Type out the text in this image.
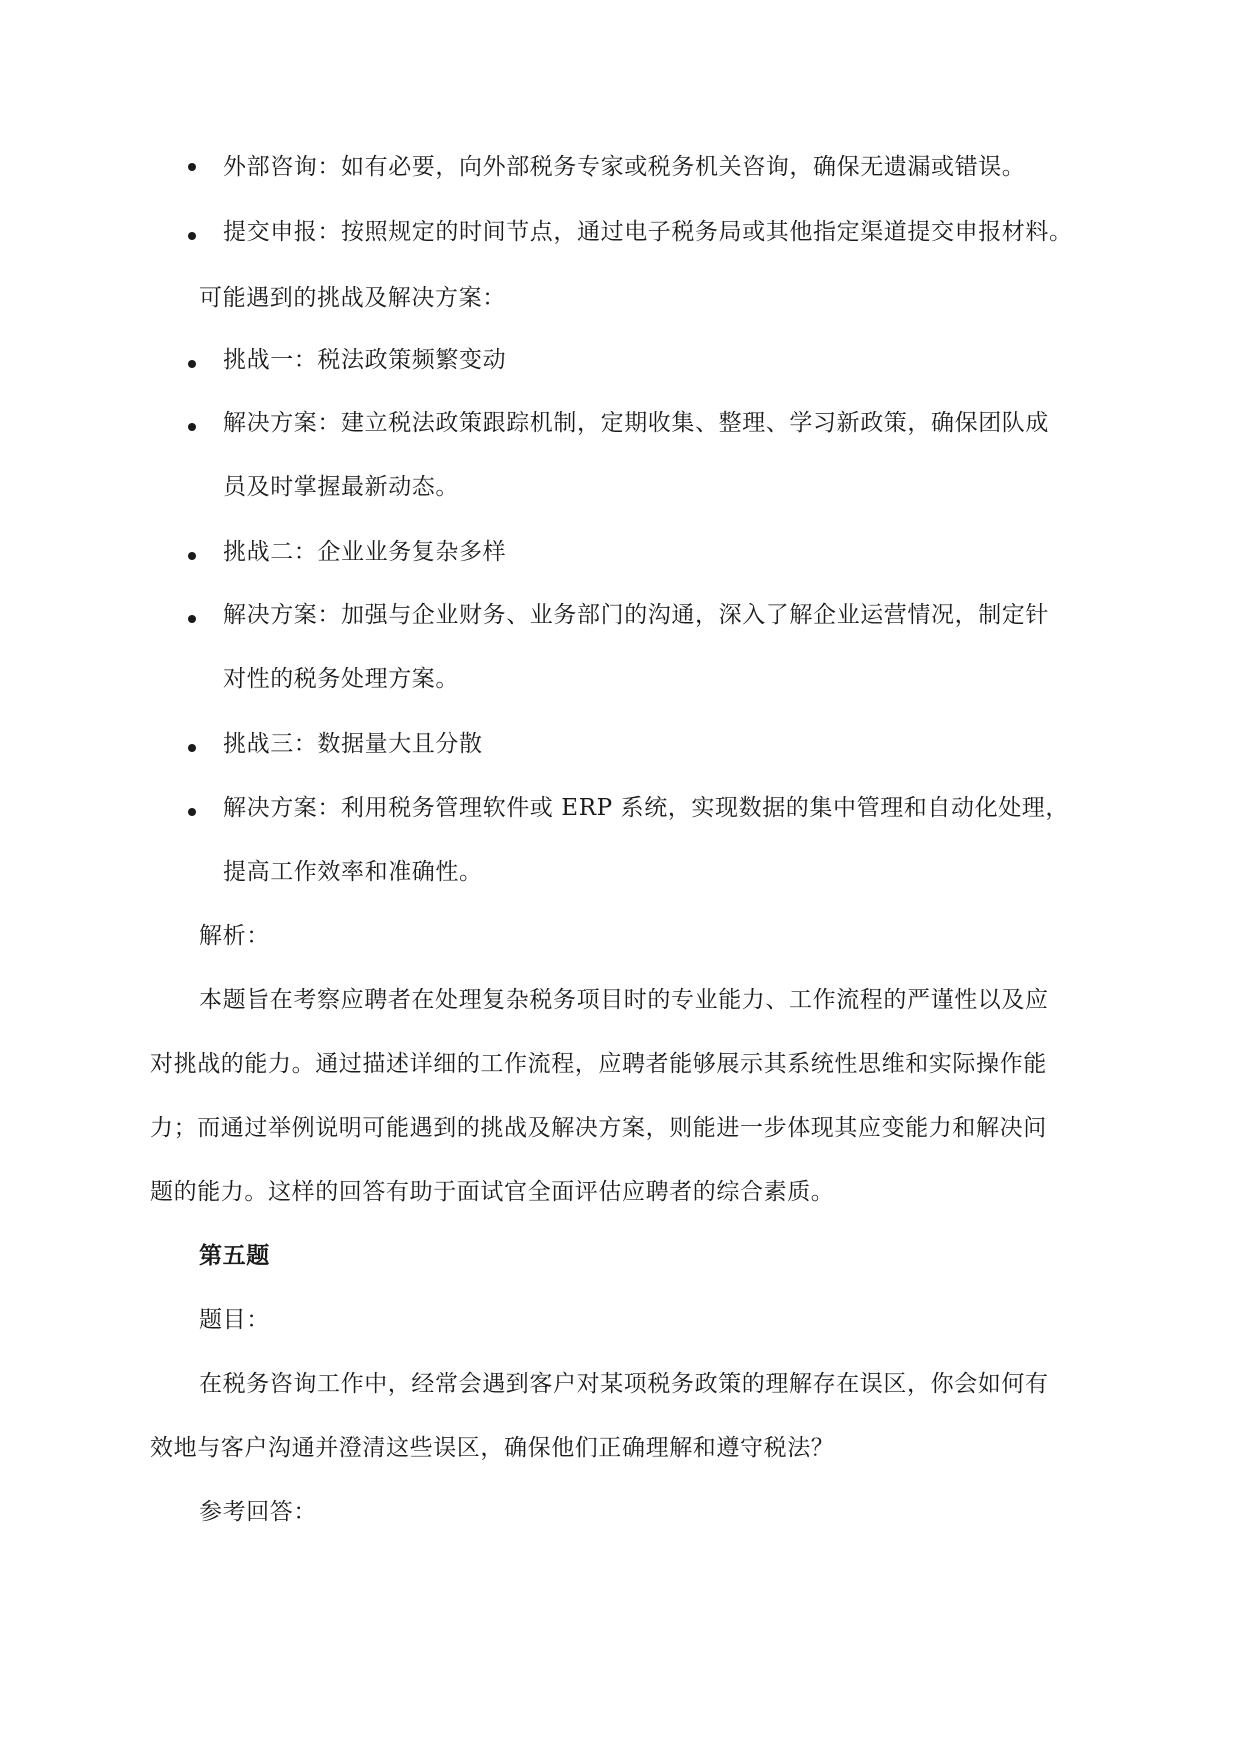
外部咨询：如有必要，向外部税务专家或税务机关咨询，确保无遗漏或错误。
提交申报：按照规定的时间节点，通过电子税务局或其他指定渠道提交申报材料。
可能遇到的挑战及解决方案：
挑战一：税法政策频繁变动
解决方案：建立税法政策跟踪机制，定期收集、整理、学习新政策，确保团队成
员及时掌握最新动态。
挑战二：企业业务复杂多样
解决方案：加强与企业财务、业务部门的沟通，深入了解企业运营情况，制定针
对性的税务处理方案。
挑战三：数据量大且分散
解决方案：利用税务管理软件或 ERP 系统，实现数据的集中管理和自动化处理，
提高工作效率和准确性。
解析：
本题旨在考察应聘者在处理复杂税务项目时的专业能力、工作流程的严谨性以及应
对挑战的能力。通过描述详细的工作流程，应聘者能够展示其系统性思维和实际操作能
力；而通过举例说明可能遇到的挑战及解决方案，则能进一步体现其应变能力和解决问
题的能力。这样的回答有助于面试官全面评估应聘者的综合素质。
第五题
题目：
在税务咨询工作中，经常会遇到客户对某项税务政策的理解存在误区，你会如何有
效地与客户沟通并澄清这些误区，确保他们正确理解和遵守税法？
参考回答：
